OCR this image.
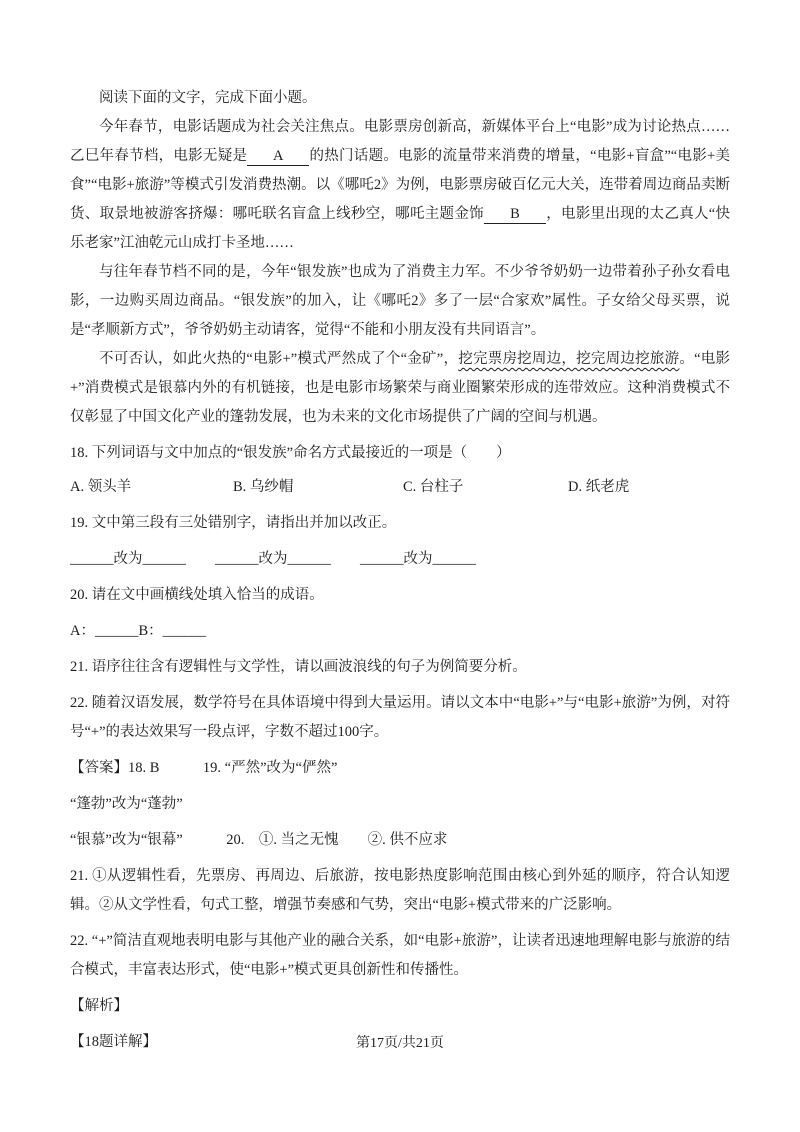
阅读下面的文字，完成下面小题。

今年春节，电影话题成为社会关注焦点。电影票房创新高，新媒体平台上“电影”成为讨论热点……乙巳年春节档，电影无疑是 A 的热门话题。电影的流量带来消费的增量，“电影+盲盒”“电影+美食”“电影+旅游”等模式引发消费热潮。以《哪吒2》为例，电影票房破百亿元大关，连带着周边商品卖断货、取景地被游客挤爆：哪吒联名盲盒上线秒空，哪吒主题金饰 B ，电影里出现的太乙真人“快乐老家”江油乾元山成打卡圣地……

与往年春节档不同的是，今年“银发族”也成为了消费主力军。不少爷爷奶奶一边带着孙子孙女看电影，一边购买周边商品。“银发族”的加入，让《哪吒2》多了一层“合家欢”属性。子女给父母买票，说是“孝顺新方式”，爷爷奶奶主动请客，觉得“不能和小朋友没有共同语言”。

不可否认，如此火热的“电影+”模式严然成了个“金矿”，挖完票房挖周边，挖完周边挖旅游。“电影+”消费模式是银慕内外的有机链接，也是电影市场繁荣与商业圈繁荣形成的连带效应。这种消费模式不仅彰显了中国文化产业的篷勃发展，也为未来的文化市场提供了广阔的空间与机遇。

18. 下列词语与文中加点的“银发族”命名方式最接近的一项是（　　）

A. 领头羊	B. 乌纱帽	C. 台柱子	D. 纸老虎

19. 文中第三段有三处错别字，请指出并加以改正。

______改为______　　______改为______　　______改为______

20. 请在文中画横线处填入恰当的成语。

A：______B：______

21. 语序往往含有逻辑性与文学性，请以画波浪线的句子为例简要分析。

22. 随着汉语发展，数学符号在具体语境中得到大量运用。请以文本中“电影+”与“电影+旅游”为例，对符号“+”的表达效果写一段点评，字数不超过100字。

【答案】18. B　　　19. “严然”改为“俨然”

“篷勃”改为“蓬勃”

“银慕”改为“银幕”　　　20.　①. 当之无愧　　②. 供不应求

21. ①从逻辑性看，先票房、再周边、后旅游，按电影热度影响范围由核心到外延的顺序，符合认知逻辑。②从文学性看，句式工整，增强节奏感和气势，突出“电影+模式带来的广泛影响。

22. “+”简洁直观地表明电影与其他产业的融合关系，如“电影+旅游”，让读者迅速地理解电影与旅游的结合模式，丰富表达形式，使“电影+”模式更具创新性和传播性。

【解析】

【18题详解】	第17页/共21页
